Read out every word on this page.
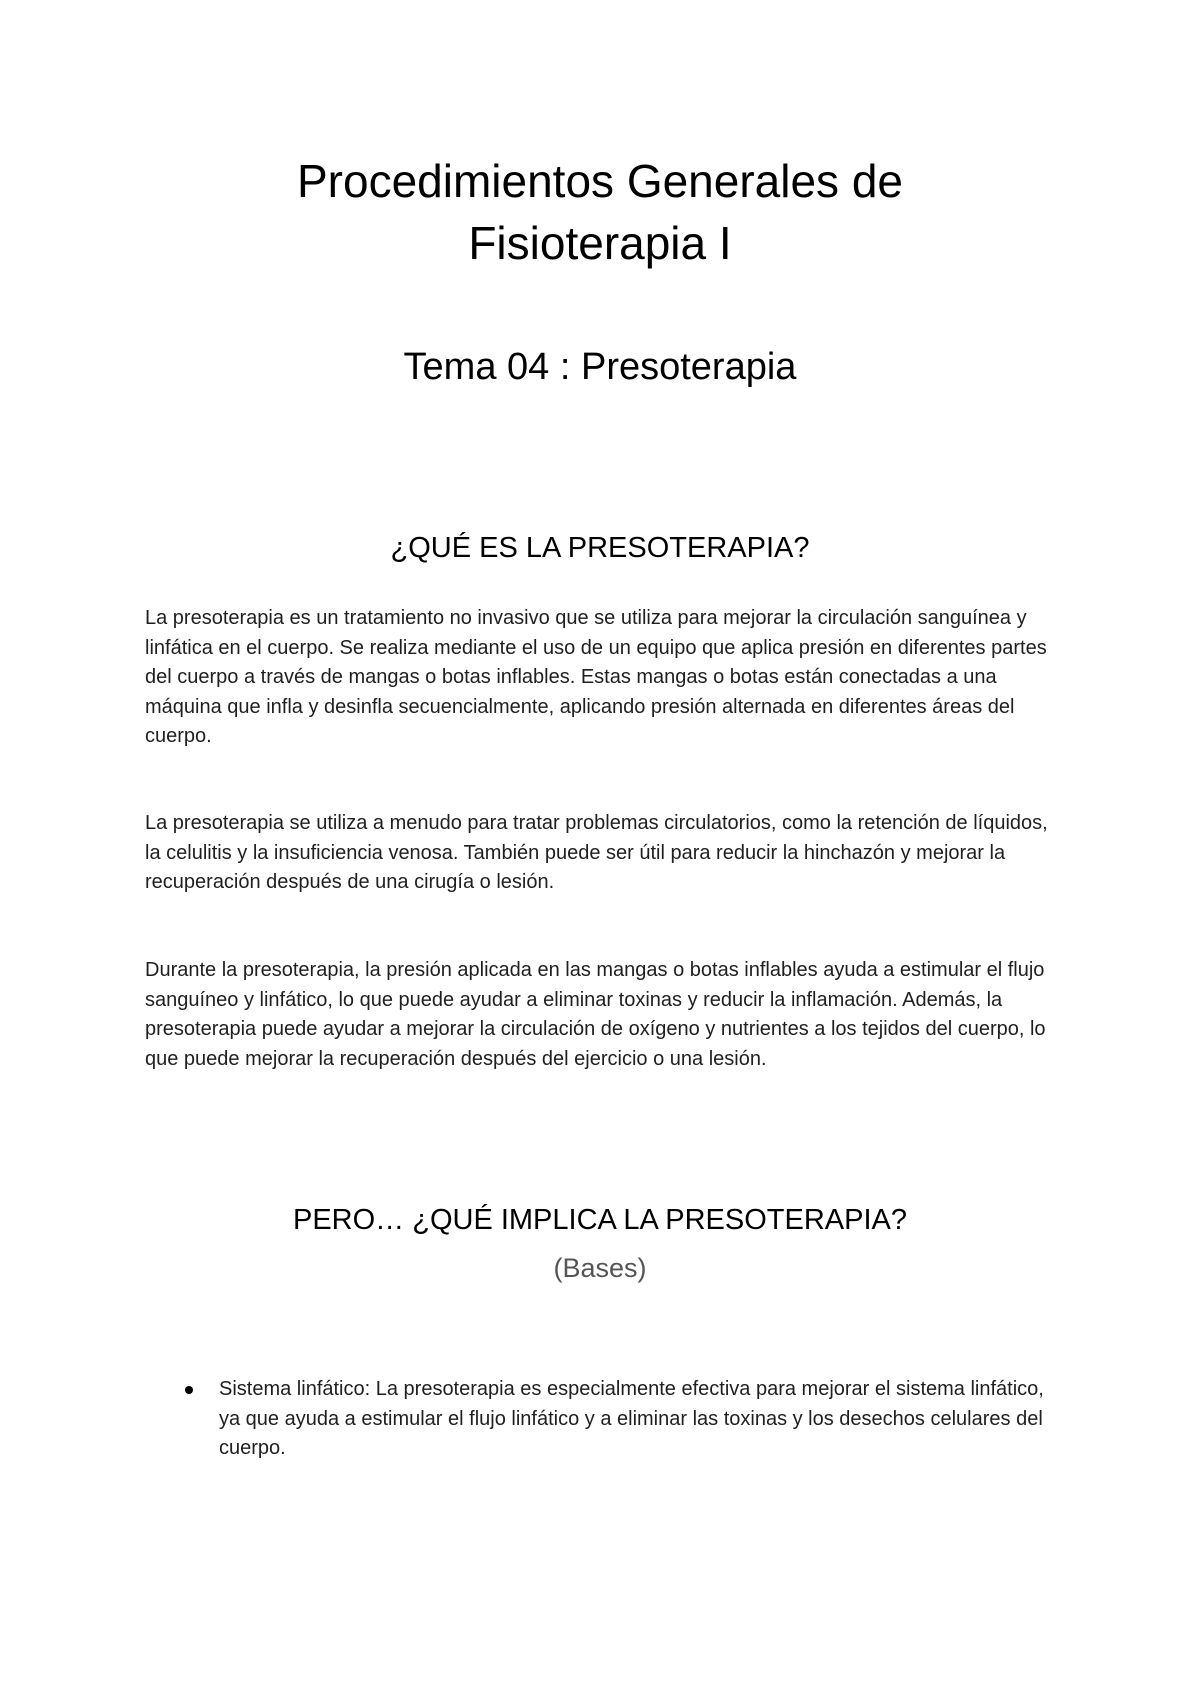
Procedimientos Generales de
Fisioterapia I
Tema 04 : Presoterapia
¿QUÉ ES LA PRESOTERAPIA?

La presoterapia es un tratamiento no invasivo que se utiliza para mejorar la circulación sanguínea y linfática en el cuerpo. Se realiza mediante el uso de un equipo que aplica presión en diferentes partes del cuerpo a través de mangas o botas inflables. Estas mangas o botas están conectadas a una máquina que infla y desinfla secuencialmente, aplicando presión alternada en diferentes áreas del cuerpo.

La presoterapia se utiliza a menudo para tratar problemas circulatorios, como la retención de líquidos, la celulitis y la insuficiencia venosa. También puede ser útil para reducir la hinchazón y mejorar la recuperación después de una cirugía o lesión.

Durante la presoterapia, la presión aplicada en las mangas o botas inflables ayuda a estimular el flujo sanguíneo y linfático, lo que puede ayudar a eliminar toxinas y reducir la inflamación. Además, la presoterapia puede ayudar a mejorar la circulación de oxígeno y nutrientes a los tejidos del cuerpo, lo que puede mejorar la recuperación después del ejercicio o una lesión.

PERO… ¿QUÉ IMPLICA LA PRESOTERAPIA?
(Bases)
Sistema linfático: La presoterapia es especialmente efectiva para mejorar el sistema linfático, ya que ayuda a estimular el flujo linfático y a eliminar las toxinas y los desechos celulares del cuerpo.
